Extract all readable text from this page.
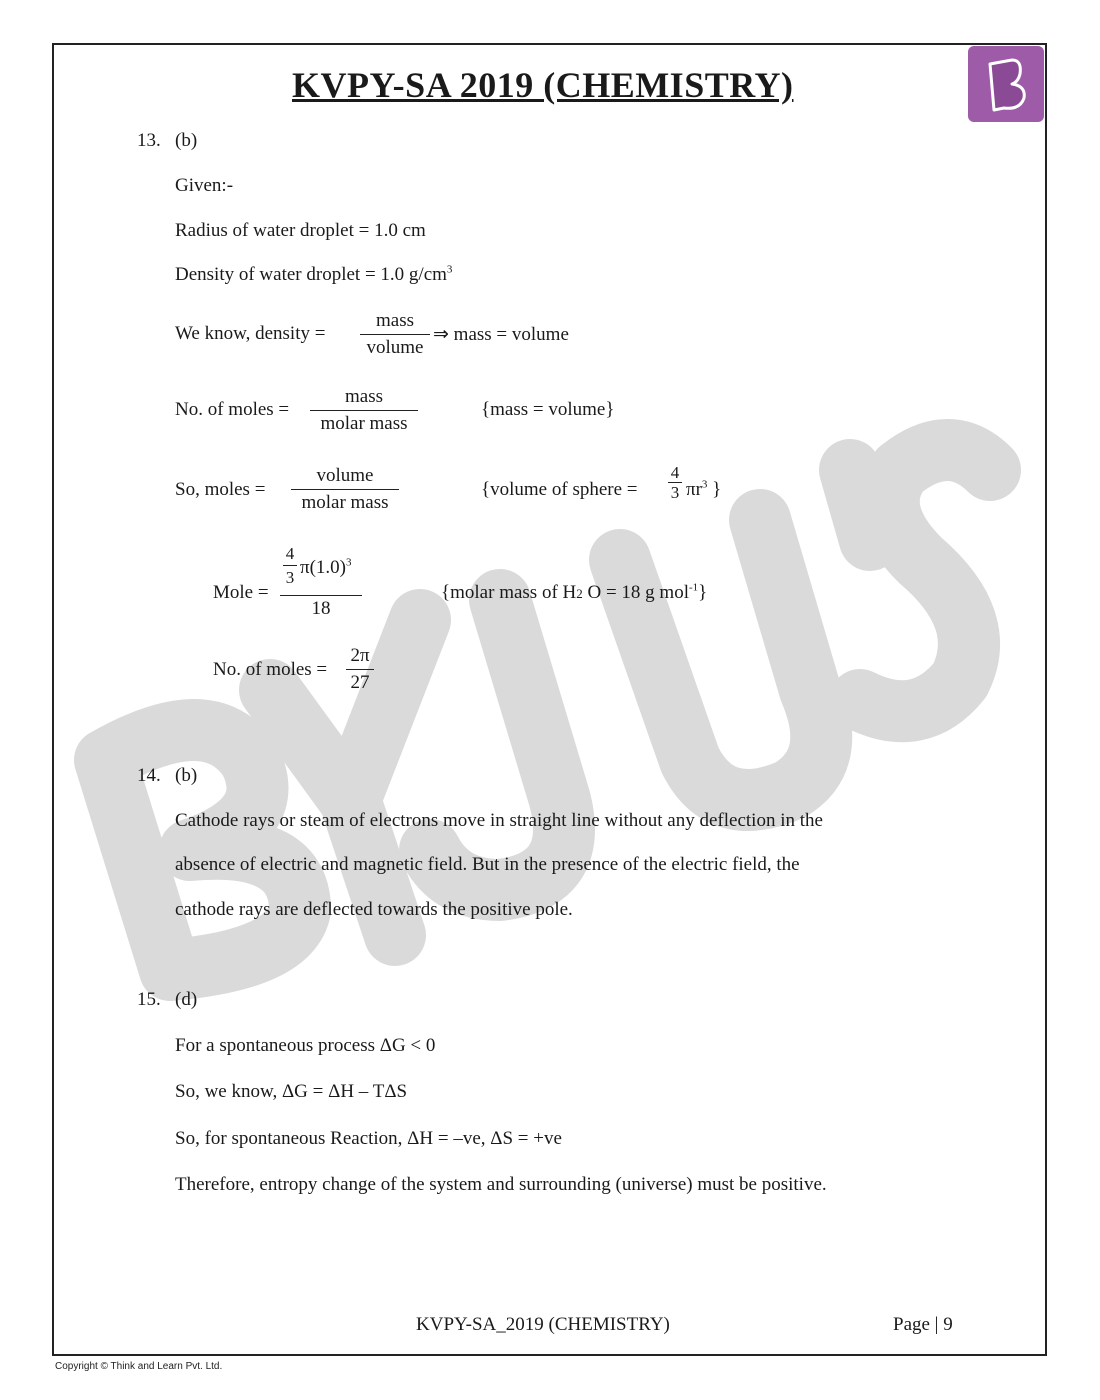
KVPY-SA 2019 (CHEMISTRY)
13. (b)
Given:-
Radius of water droplet = 1.0 cm
Density of water droplet = 1.0 $g/cm^3$
We know, density =
mass
volume
⇒ mass = volume
No. of moles =
mass
molar mass
{mass = volume}
So, moles =
volume
molar mass
{volume of sphere = $\frac{4}{3} \pi r^3$ }
Mole = $\frac{\frac{4}{3} \pi(1.0)^3}{18}$	{molar mass of H2 O = 18 g mol$^{-1}$}
No. of moles = $\frac{2\pi}{27}$
14. (b)
Cathode rays or steam of electrons move in straight line without any deflection in the
absence of electric and magnetic field. But in the presence of the electric field, the
cathode rays are deflected towards the positive pole.
15. (d)
For a spontaneous process ΔG < 0
So, we know, ΔG = ΔH – TΔS
So, for spontaneous Reaction, ΔH = –ve, ΔS = +ve
Therefore, entropy change of the system and surrounding (universe) must be positive.
KVPY-SA_2019 (CHEMISTRY)	Page | 9
Copyright © Think and Learn Pvt. Ltd.
